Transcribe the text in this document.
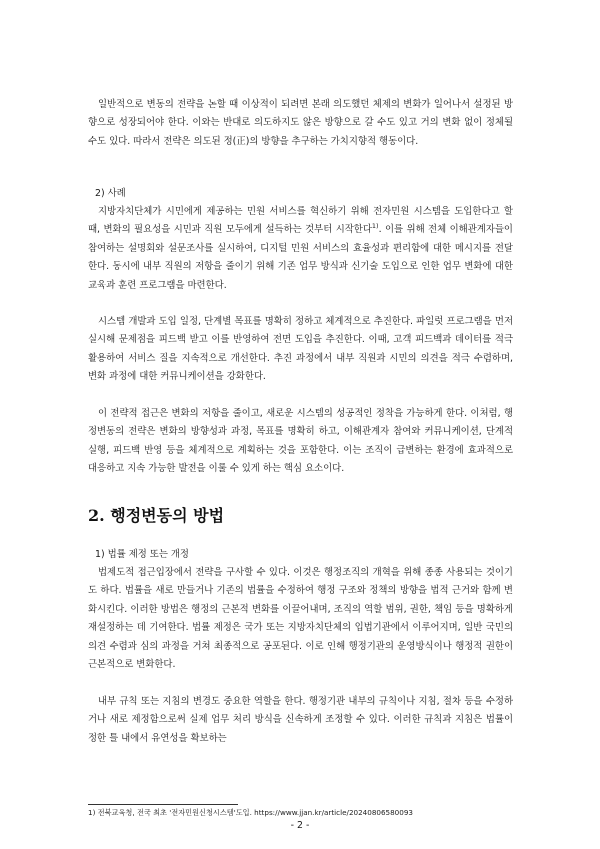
일반적으로 변동의 전략을 논할 때 이상적이 되려면 본래 의도했던 체제의 변화가 일어나서 설정된 방향으로 성장되어야 한다. 이와는 반대로 의도하지도 않은 방향으로 갈 수도 있고 거의 변화 없이 정체될 수도 있다. 따라서 전략은 의도된 정(正)의 방향을 추구하는 가치지향적 행동이다.
2) 사례
지방자치단체가 시민에게 제공하는 민원 서비스를 혁신하기 위해 전자민원 시스템을 도입한다고 할 때, 변화의 필요성을 시민과 직원 모두에게 설득하는 것부터 시작한다$^{1)}$. 이를 위해 전체 이해관계자들이 참여하는 설명회와 설문조사를 실시하여, 디지털 민원 서비스의 효율성과 편리함에 대한 메시지를 전달한다. 동시에 내부 직원의 저항을 줄이기 위해 기존 업무 방식과 신기술 도입으로 인한 업무 변화에 대한 교육과 훈련 프로그램을 마련한다.
시스템 개발과 도입 일정, 단계별 목표를 명확히 정하고 체계적으로 추진한다. 파일럿 프로그램을 먼저 실시해 문제점을 피드백 받고 이를 반영하여 전면 도입을 추진한다. 이때, 고객 피드백과 데이터를 적극 활용하여 서비스 질을 지속적으로 개선한다. 추진 과정에서 내부 직원과 시민의 의견을 적극 수렴하며, 변화 과정에 대한 커뮤니케이션을 강화한다.
이 전략적 접근은 변화의 저항을 줄이고, 새로운 시스템의 성공적인 정착을 가능하게 한다. 이처럼, 행정변동의 전략은 변화의 방향성과 과정, 목표를 명확히 하고, 이해관계자 참여와 커뮤니케이션, 단계적 실행, 피드백 반영 등을 체계적으로 계획하는 것을 포함한다. 이는 조직이 급변하는 환경에 효과적으로 대응하고 지속 가능한 발전을 이룰 수 있게 하는 핵심 요소이다.
2. 행정변동의 방법
1) 법률 제정 또는 개정
법제도적 접근입장에서 전략을 구사할 수 있다. 이것은 행정조직의 개혁을 위해 종종 사용되는 것이기도 하다. 법률을 새로 만들거나 기존의 법률을 수정하여 행정 구조와 정책의 방향을 법적 근거와 함께 변화시킨다. 이러한 방법은 행정의 근본적 변화를 이끌어내며, 조직의 역할 범위, 권한, 책임 등을 명확하게 재설정하는 데 기여한다. 법률 제정은 국가 또는 지방자치단체의 입법기관에서 이루어지며, 일반 국민의 의견 수렴과 심의 과정을 거쳐 최종적으로 공포된다. 이로 인해 행정기관의 운영방식이나 행정적 권한이 근본적으로 변화한다.
내부 규칙 또는 지침의 변경도 중요한 역할을 한다. 행정기관 내부의 규칙이나 지침, 절차 등을 수정하거나 새로 제정함으로써 실제 업무 처리 방식을 신속하게 조정할 수 있다. 이러한 규칙과 지침은 법률이 정한 틀 내에서 유연성을 확보하는
1) 전북교육청, 전국 최초 '전자민원신청시스템'도입. https://www.jjan.kr/article/20240806580093
- 2 -
